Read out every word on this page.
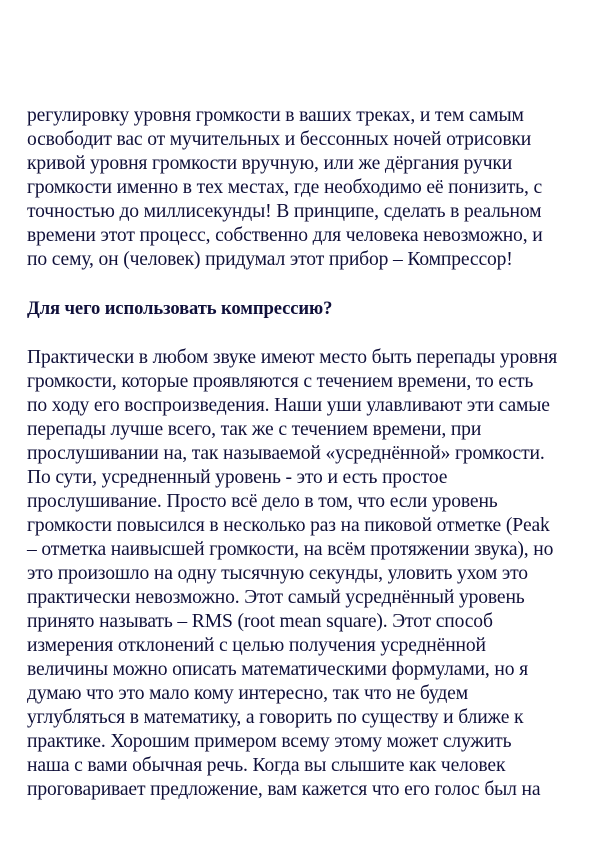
регулировку уровня громкости в ваших треках, и тем самым
освободит вас от мучительных и бессонных ночей отрисовки
кривой уровня громкости вручную, или же дёргания ручки
громкости именно в тех местах, где необходимо её понизить, с
точностью до миллисекунды! В принципе, сделать в реальном
времени этот процесс, собственно для человека невозможно, и
по сему, он (человек) придумал этот прибор – Компрессор!
Для чего использовать компрессию?
Практически в любом звуке имеют место быть перепады уровня
громкости, которые проявляются с течением времени, то есть
по ходу его воспроизведения. Наши уши улавливают эти самые
перепады лучше всего, так же с течением времени, при
прослушивании на, так называемой «усреднённой» громкости.
По сути, усредненный уровень - это и есть простое
прослушивание. Просто всё дело в том, что если уровень
громкости повысился в несколько раз на пиковой отметке (Peak
– отметка наивысшей громкости, на всём протяжении звука), но
это произошло на одну тысячную секунды, уловить ухом это
практически невозможно. Этот самый усреднённый уровень
принято называть – RMS (root mean square). Этот способ
измерения отклонений с целью получения усреднённой
величины можно описать математическими формулами, но я
думаю что это мало кому интересно, так что не будем
углубляться в математику, а говорить по существу и ближе к
практике. Хорошим примером всему этому может служить
наша с вами обычная речь. Когда вы слышите как человек
проговаривает предложение, вам кажется что его голос был на
